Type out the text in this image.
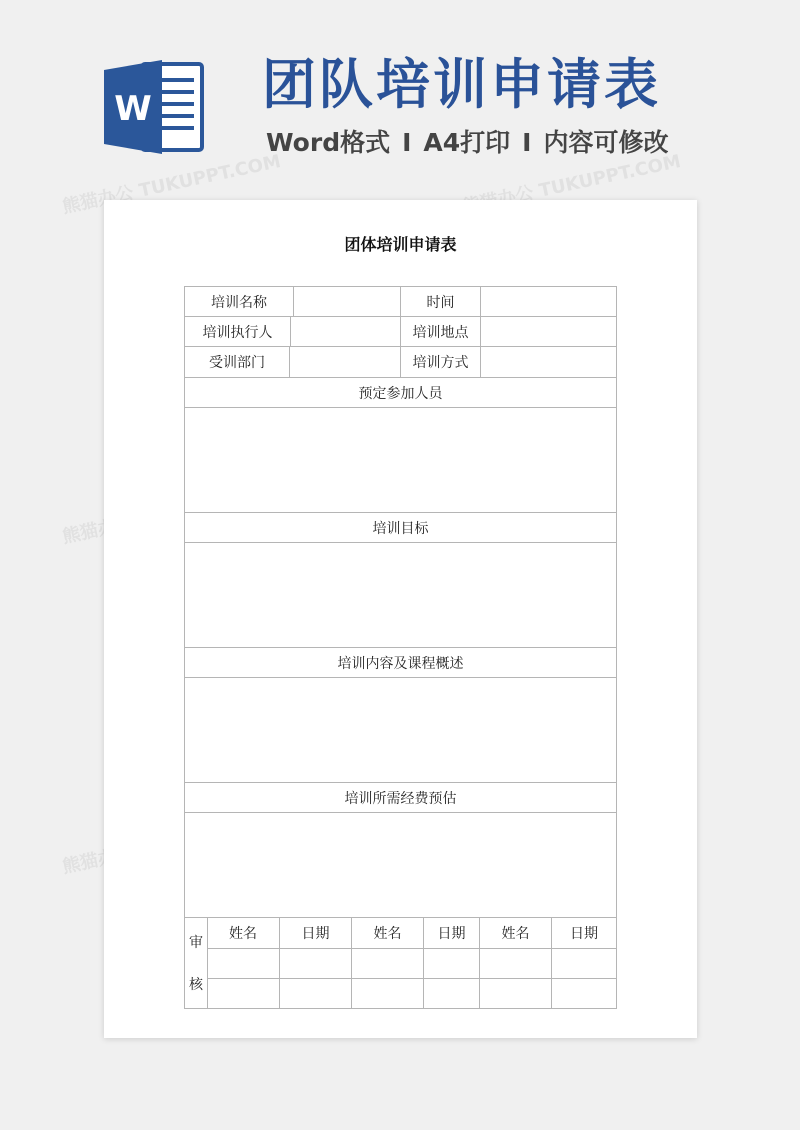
W 团队培训申请表
Word格式 I A4打印 I 内容可修改
熊猫办公 TUKUPPT.COM	熊猫办公 TUKUPPT.COM
熊猫办公
熊猫办公
团体培训申请表
培训名称	时间
培训执行人	培训地点
受训部门	培训方式
预定参加人员
培训目标
培训内容及课程概述
培训所需经费预估
审
核
姓名	日期	姓名	日期	姓名	日期
